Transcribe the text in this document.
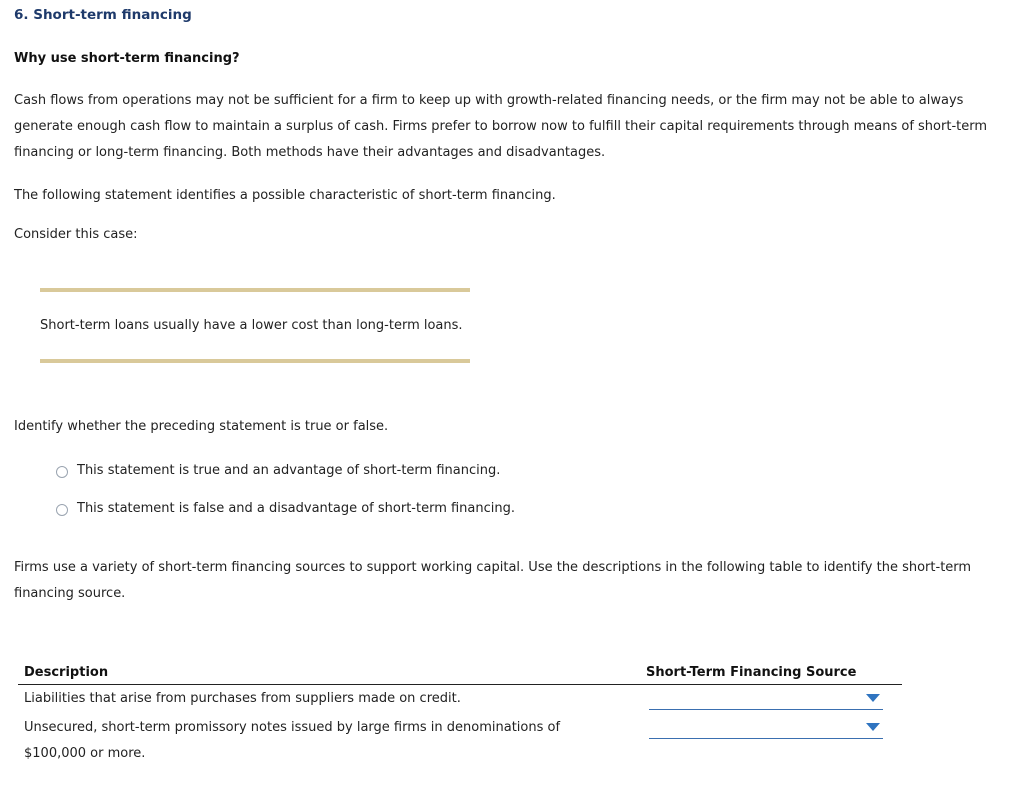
6. Short-term financing
Why use short-term financing?
Cash flows from operations may not be sufficient for a firm to keep up with growth-related financing needs, or the firm may not be able to always
generate enough cash flow to maintain a surplus of cash. Firms prefer to borrow now to fulfill their capital requirements through means of short-term
financing or long-term financing. Both methods have their advantages and disadvantages.
The following statement identifies a possible characteristic of short-term financing.
Consider this case:
Short-term loans usually have a lower cost than long-term loans.
Identify whether the preceding statement is true or false.
This statement is true and an advantage of short-term financing.
This statement is false and a disadvantage of short-term financing.
Firms use a variety of short-term financing sources to support working capital. Use the descriptions in the following table to identify the short-term
financing source.
Description	Short-Term Financing Source
Liabilities that arise from purchases from suppliers made on credit.
Unsecured, short-term promissory notes issued by large firms in denominations of
$100,000 or more.
